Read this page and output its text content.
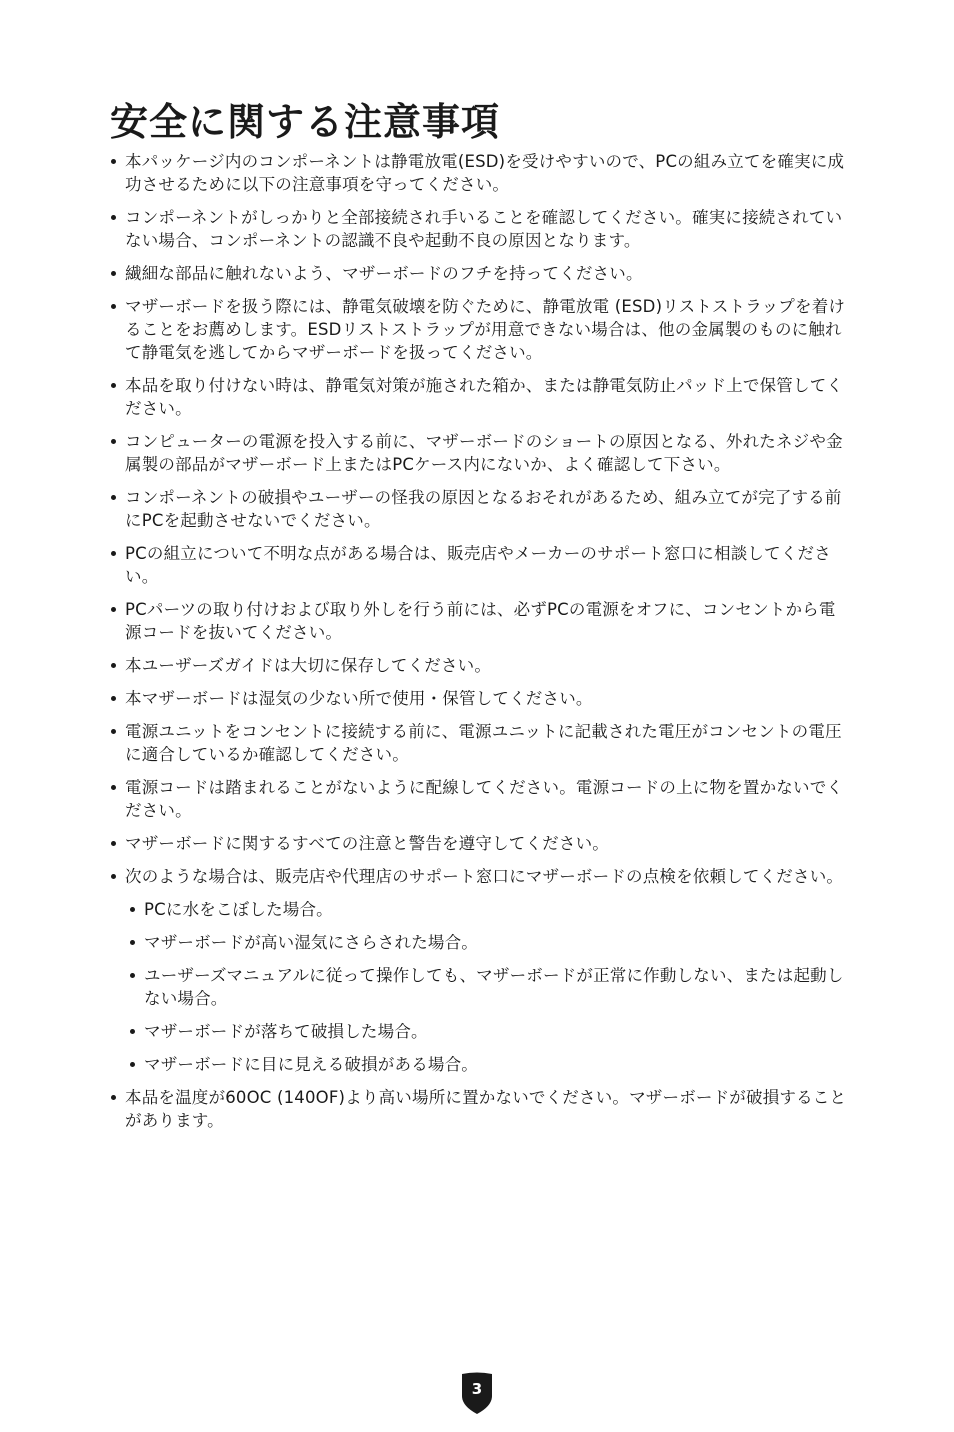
安全に関する注意事項
本パッケージ内のコンポーネントは静電放電(ESD)を受けやすいので、PCの組み立てを確実に成功させるために以下の注意事項を守ってください。
コンポーネントがしっかりと全部接続され手いることを確認してください。確実に接続されていない場合、コンポーネントの認識不良や起動不良の原因となります。
繊細な部品に触れないよう、マザーボードのフチを持ってください。
マザーボードを扱う際には、静電気破壊を防ぐために、静電放電 (ESD)リストストラップを着けることをお薦めします。ESDリストストラップが用意できない場合は、他の金属製のものに触れて静電気を逃してからマザーボードを扱ってください。
本品を取り付けない時は、静電気対策が施された箱か、または静電気防止パッド上で保管してください。
コンピューターの電源を投入する前に、マザーボードのショートの原因となる、外れたネジや金属製の部品がマザーボード上またはPCケース内にないか、よく確認して下さい。
コンポーネントの破損やユーザーの怪我の原因となるおそれがあるため、組み立てが完了する前にPCを起動させないでください。
PCの組立について不明な点がある場合は、販売店やメーカーのサポート窓口に相談してください。
PCパーツの取り付けおよび取り外しを行う前には、必ずPCの電源をオフに、コンセントから電源コードを抜いてください。
本ユーザーズガイドは大切に保存してください。
本マザーボードは湿気の少ない所で使用・保管してください。
電源ユニットをコンセントに接続する前に、電源ユニットに記載された電圧がコンセントの電圧に適合しているか確認してください。
電源コードは踏まれることがないように配線してください。電源コードの上に物を置かないでください。
マザーボードに関するすべての注意と警告を遵守してください。
次のような場合は、販売店や代理店のサポート窓口にマザーボードの点検を依頼してください。
PCに水をこぼした場合。
マザーボードが高い湿気にさらされた場合。
ユーザーズマニュアルに従って操作しても、マザーボードが正常に作動しない、または起動しない場合。
マザーボードが落ちて破損した場合。
マザーボードに目に見える破損がある場合。
本品を温度が60OC (140OF)より高い場所に置かないでください。マザーボードが破損することがあります。
3
